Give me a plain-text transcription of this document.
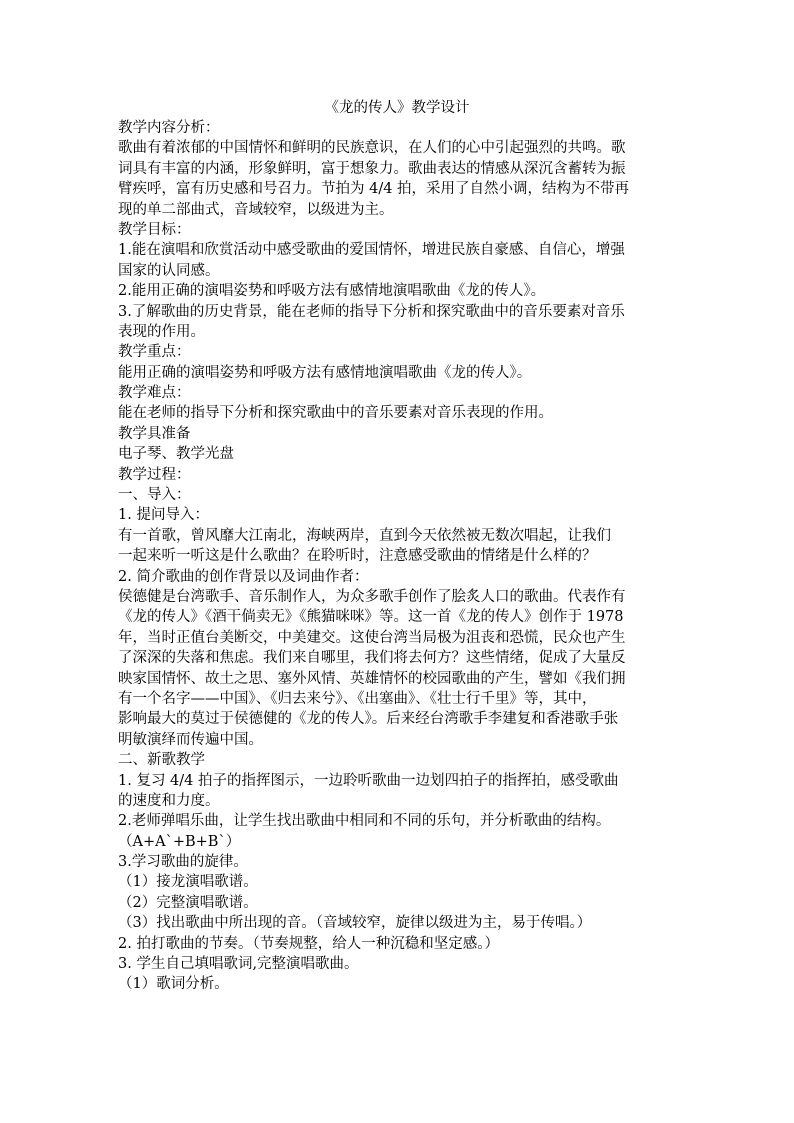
《龙的传人》教学设计
教学内容分析：
歌曲有着浓郁的中国情怀和鲜明的民族意识，在人们的心中引起强烈的共鸣。歌
词具有丰富的内涵，形象鲜明，富于想象力。歌曲表达的情感从深沉含蓄转为振
臂疾呼，富有历史感和号召力。节拍为 4/4 拍，采用了自然小调，结构为不带再
现的单二部曲式，音域较窄，以级进为主。
教学目标：
1.能在演唱和欣赏活动中感受歌曲的爱国情怀，增进民族自豪感、自信心，增强
国家的认同感。
2.能用正确的演唱姿势和呼吸方法有感情地演唱歌曲《龙的传人》。
3.了解歌曲的历史背景，能在老师的指导下分析和探究歌曲中的音乐要素对音乐
表现的作用。
教学重点：
能用正确的演唱姿势和呼吸方法有感情地演唱歌曲《龙的传人》。
教学难点：
能在老师的指导下分析和探究歌曲中的音乐要素对音乐表现的作用。
教学具准备
电子琴、教学光盘
教学过程：
一、导入：
1. 提问导入：
有一首歌，曾风靡大江南北，海峡两岸，直到今天依然被无数次唱起，让我们
一起来听一听这是什么歌曲？在聆听时，注意感受歌曲的情绪是什么样的？
2. 简介歌曲的创作背景以及词曲作者：
侯德健是台湾歌手、音乐制作人，为众多歌手创作了脍炙人口的歌曲。代表作有
《龙的传人》《酒干倘卖无》《熊猫咪咪》等。这一首《龙的传人》创作于 1978
年，当时正值台美断交，中美建交。这使台湾当局极为沮丧和恐慌，民众也产生
了深深的失落和焦虑。我们来自哪里，我们将去何方？这些情绪，促成了大量反
映家国情怀、故土之思、塞外风情、英雄情怀的校园歌曲的产生，譬如《我们拥
有一个名字——中国》、《归去来兮》、《出塞曲》、《壮士行千里》等，其中，
影响最大的莫过于侯德健的《龙的传人》。后来经台湾歌手李建复和香港歌手张
明敏演绎而传遍中国。
二、新歌教学
1. 复习 4/4 拍子的指挥图示，一边聆听歌曲一边划四拍子的指挥拍，感受歌曲
的速度和力度。
2.老师弹唱乐曲，让学生找出歌曲中相同和不同的乐句，并分析歌曲的结构。
（A+A`+B+B`）
3.学习歌曲的旋律。
（1）接龙演唱歌谱。
（2）完整演唱歌谱。
（3）找出歌曲中所出现的音。（音域较窄，旋律以级进为主，易于传唱。）
2. 拍打歌曲的节奏。（节奏规整，给人一种沉稳和坚定感。）
3. 学生自己填唱歌词,完整演唱歌曲。
（1）歌词分析。
